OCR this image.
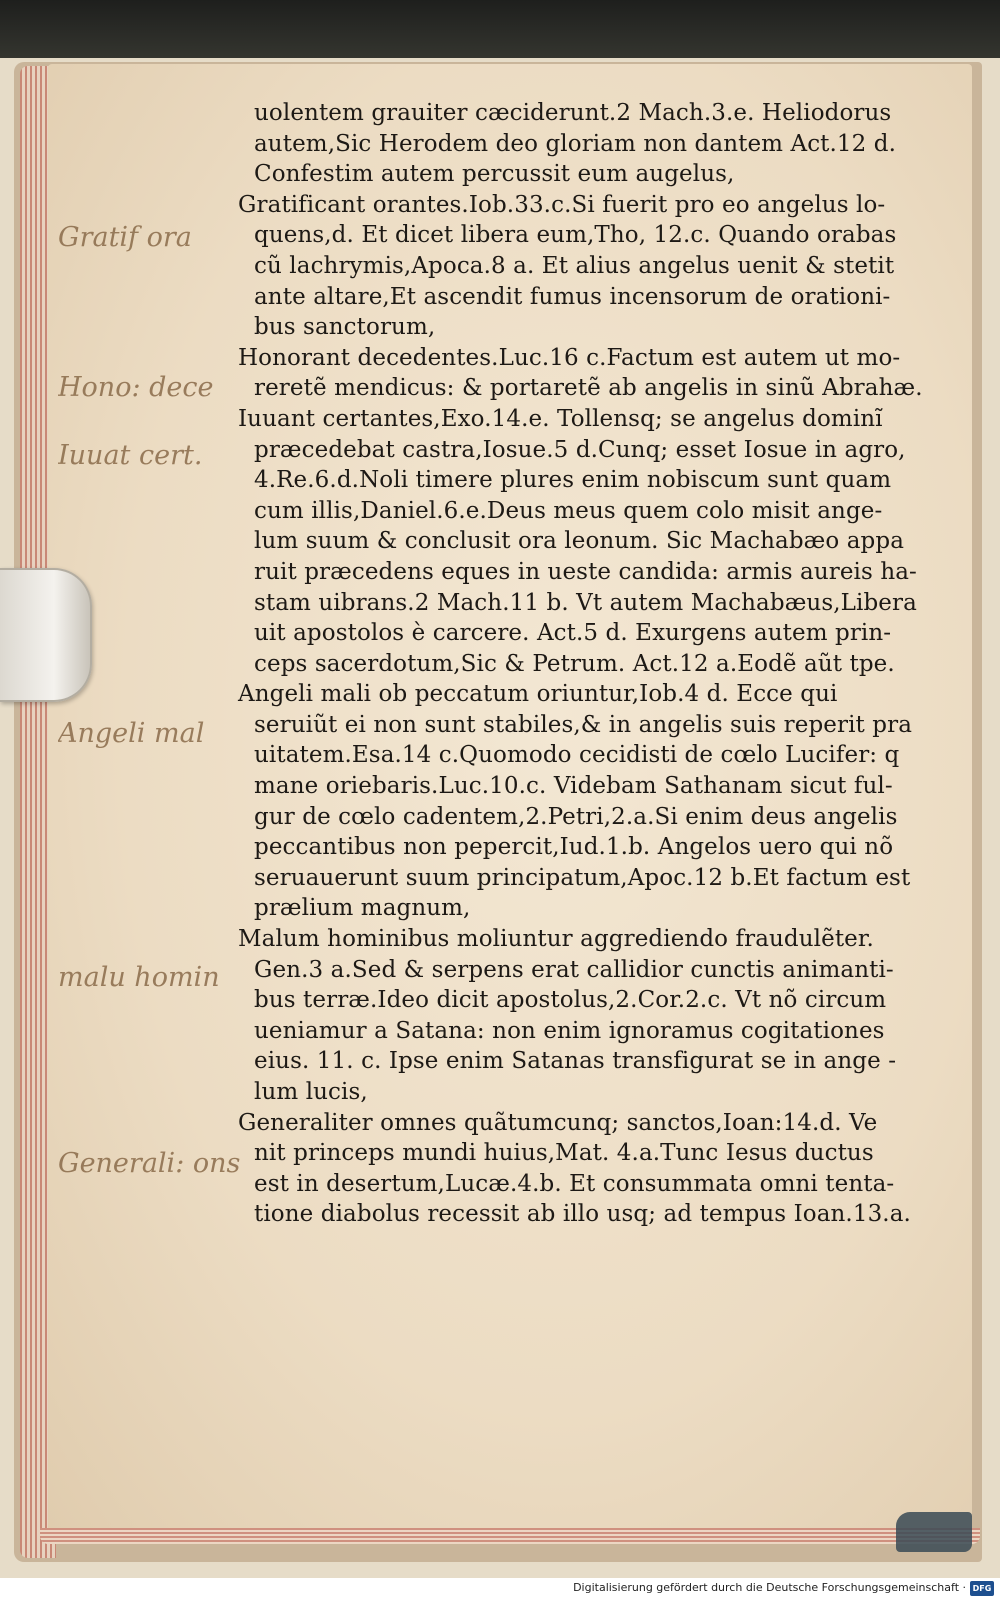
Gratif ora
Hono: dece
Iuuat cert.
Angeli mal
malu homin
Generali: ons
uolentem grauiter cæciderunt.2 Mach.3.e. Heliodorus
autem,Sic Herodem deo gloriam non dantem Act.12 d.
Confestim autem percussit eum augelus,
Gratificant orantes.Iob.33.c.Si fuerit pro eo angelus lo-
quens,d. Et dicet libera eum,Tho, 12.c. Quando orabas
cũ lachrymis,Apoca.8 a. Et alius angelus uenit & stetit
ante altare,Et ascendit fumus incensorum de orationi-
bus sanctorum,
Honorant decedentes.Luc.16 c.Factum est autem ut mo-
reretẽ mendicus: & portaretẽ ab angelis in sinũ Abrahæ.
Iuuant certantes,Exo.14.e. Tollensq; se angelus dominĩ
præcedebat castra,Iosue.5 d.Cunq; esset Iosue in agro,
4.Re.6.d.Noli timere plures enim nobiscum sunt quam
cum illis,Daniel.6.e.Deus meus quem colo misit ange-
lum suum & conclusit ora leonum. Sic Machabæo appa
ruit præcedens eques in ueste candida: armis aureis ha-
stam uibrans.2 Mach.11 b. Vt autem Machabæus,Libera
uit apostolos è carcere. Act.5 d. Exurgens autem prin-
ceps sacerdotum,Sic & Petrum. Act.12 a.Eodẽ aũt tpe.
Angeli mali ob peccatum oriuntur,Iob.4 d. Ecce qui
seruiũt ei non sunt stabiles,& in angelis suis reperit pra
uitatem.Esa.14 c.Quomodo cecidisti de cœlo Lucifer: q
mane oriebaris.Luc.10.c. Videbam Sathanam sicut ful-
gur de cœlo cadentem,2.Petri,2.a.Si enim deus angelis
peccantibus non pepercit,Iud.1.b. Angelos uero qui nõ
seruauerunt suum principatum,Apoc.12 b.Et factum est
prælium magnum,
Malum hominibus moliuntur aggrediendo fraudulẽter.
Gen.3 a.Sed & serpens erat callidior cunctis animanti-
bus terræ.Ideo dicit apostolus,2.Cor.2.c. Vt nõ circum
ueniamur a Satana: non enim ignoramus cogitationes
eius. 11. c. Ipse enim Satanas transfigurat se in ange -
lum lucis,
Generaliter omnes quãtumcunq; sanctos,Ioan:14.d. Ve
nit princeps mundi huius,Mat. 4.a.Tunc Iesus ductus
est in desertum,Lucæ.4.b. Et consummata omni tenta-
tione diabolus recessit ab illo usq; ad tempus Ioan.13.a.
Digitalisierung gefördert durch die Deutsche Forschungsgemeinschaft · DFG
